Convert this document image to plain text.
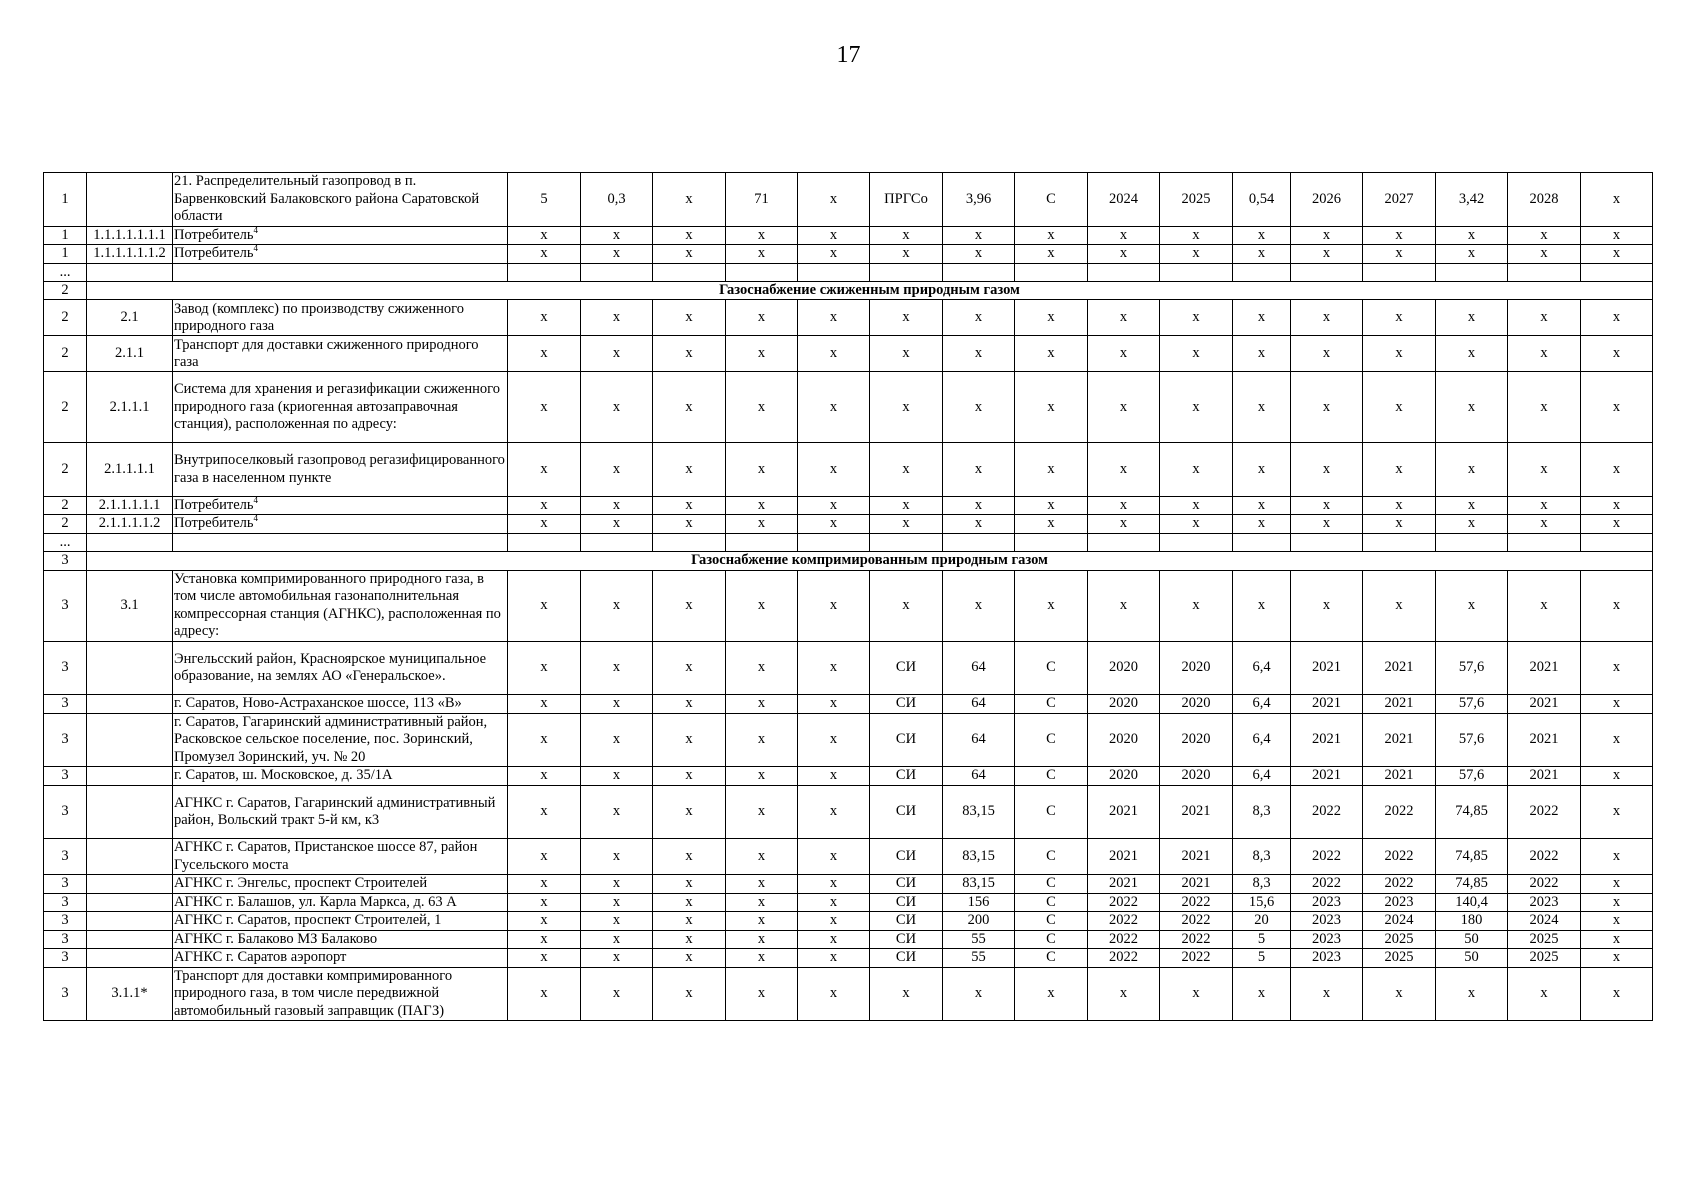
17
1		21. Распределительный газопровод в п. Барвенковский Балаковского района Саратовской области	5	0,3	x	71	x	ПРГСо	3,96	С	2024	2025	0,54	2026	2027	3,42	2028	x
1	1.1.1.1.1.1.1	Потребитель$^4$	x	x	x	x	x	x	x	x	x	x	x	x	x	x	x	x
1	1.1.1.1.1.1.2	Потребитель$^4$	x	x	x	x	x	x	x	x	x	x	x	x	x	x	x	x
...																		
2	Газоснабжение сжиженным природным газом																	
2	2.1	Завод (комплекс) по производству сжиженного природного газа	x	x	x	x	x	x	x	x	x	x	x	x	x	x	x	x
2	2.1.1	Транспорт для доставки сжиженного природного газа	x	x	x	x	x	x	x	x	x	x	x	x	x	x	x	x
2	2.1.1.1	Система для хранения и регазификации сжиженного природного газа (криогенная автозаправочная станция), расположенная по адресу:	x	x	x	x	x	x	x	x	x	x	x	x	x	x	x	x
2	2.1.1.1.1	Внутрипоселковый газопровод регазифицированного газа в населенном пункте	x	x	x	x	x	x	x	x	x	x	x	x	x	x	x	x
2	2.1.1.1.1.1	Потребитель$^4$	x	x	x	x	x	x	x	x	x	x	x	x	x	x	x	x
2	2.1.1.1.1.2	Потребитель$^4$	x	x	x	x	x	x	x	x	x	x	x	x	x	x	x	x
...																		
3	Газоснабжение компримированным природным газом																	
3	3.1	Установка компримированного природного газа, в том числе автомобильная газонаполнительная компрессорная станция (АГНКС), расположенная по адресу:	x	x	x	x	x	x	x	x	x	x	x	x	x	x	x	x
3		Энгельсский район, Красноярское муниципальное образование, на землях АО «Генеральское».	x	x	x	x	x	СИ	64	С	2020	2020	6,4	2021	2021	57,6	2021	x
3		г. Саратов, Ново-Астраханское шоссе, 113 «В»	x	x	x	x	x	СИ	64	С	2020	2020	6,4	2021	2021	57,6	2021	x
3		г. Саратов, Гагаринский административный район, Расковское сельское поселение, пос. Зоринский, Промузел Зоринский, уч. № 20	x	x	x	x	x	СИ	64	С	2020	2020	6,4	2021	2021	57,6	2021	x
3		г. Саратов, ш. Московское, д. 35/1А	x	x	x	x	x	СИ	64	С	2020	2020	6,4	2021	2021	57,6	2021	x
3		АГНКС г. Саратов, Гагаринский административный район, Вольский тракт 5-й км, к3	x	x	x	x	x	СИ	83,15	С	2021	2021	8,3	2022	2022	74,85	2022	x
3		АГНКС г. Саратов, Пристанское шоссе 87, район Гусельского моста	x	x	x	x	x	СИ	83,15	С	2021	2021	8,3	2022	2022	74,85	2022	x
3		АГНКС г. Энгельс, проспект Строителей	x	x	x	x	x	СИ	83,15	С	2021	2021	8,3	2022	2022	74,85	2022	x
3		АГНКС г. Балашов, ул. Карла Маркса, д. 63 А	x	x	x	x	x	СИ	156	С	2022	2022	15,6	2023	2023	140,4	2023	x
3		АГНКС г. Саратов, проспект Строителей, 1	x	x	x	x	x	СИ	200	С	2022	2022	20	2023	2024	180	2024	x
3		АГНКС г. Балаково МЗ Балаково	x	x	x	x	x	СИ	55	С	2022	2022	5	2023	2025	50	2025	x
3		АГНКС г. Саратов аэропорт	x	x	x	x	x	СИ	55	С	2022	2022	5	2023	2025	50	2025	x
3	3.1.1*	Транспорт для доставки компримированного природного газа, в том числе передвижной автомобильный газовый заправщик (ПАГЗ)	x	x	x	x	x	x	x	x	x	x	x	x	x	x	x	x
